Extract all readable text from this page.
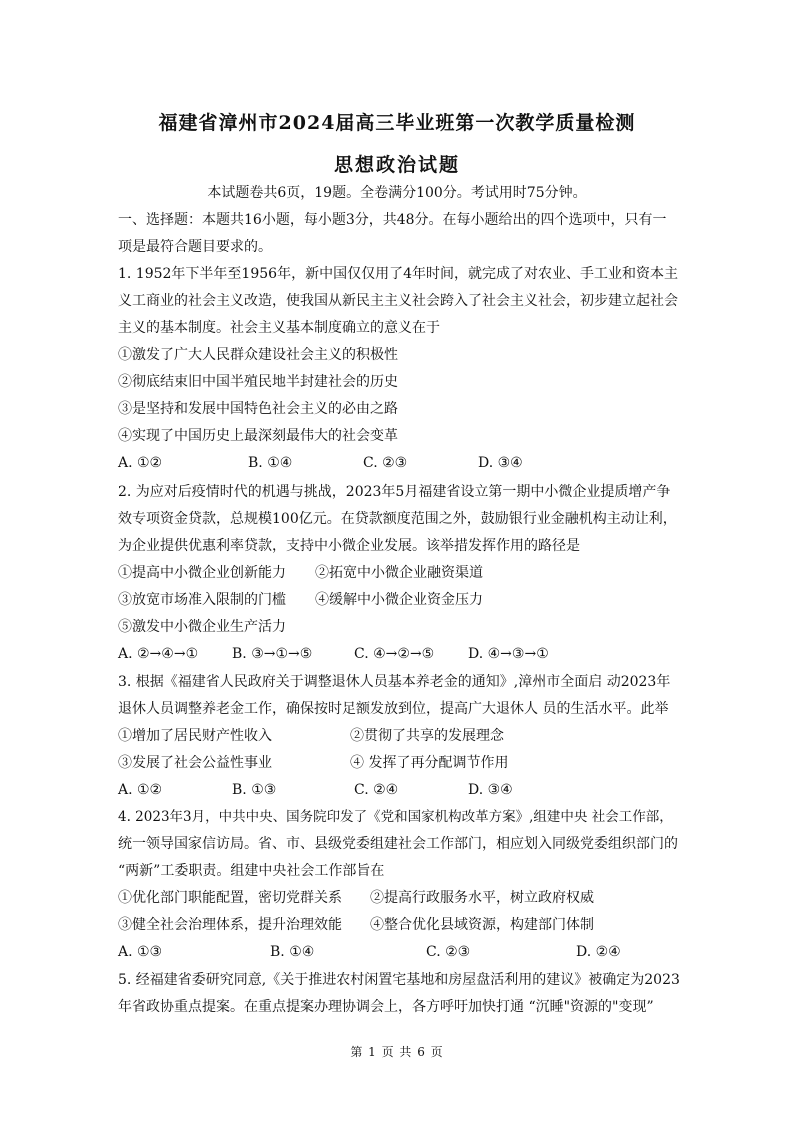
福建省漳州市2024届高三毕业班第一次教学质量检测
思想政治试题
本试题卷共6页，19题。全卷满分100分。考试用时75分钟。
一、选择题：本题共16小题，每小题3分，共48分。在每小题给出的四个选项中，只有一
项是最符合题目要求的。
1. 1952年下半年至1956年，新中国仅仅用了4年时间，就完成了对农业、手工业和资本主
义工商业的社会主义改造，使我国从新民主主义社会跨入了社会主义社会，初步建立起社会
主义的基本制度。社会主义基本制度确立的意义在于
①激发了广大人民群众建设社会主义的积极性
②彻底结束旧中国半殖民地半封建社会的历史
③是坚持和发展中国特色社会主义的必由之路
④实现了中国历史上最深刻最伟大的社会变革
A. ①②	B. ①④	C. ②③	D. ③④
2. 为应对后疫情时代的机遇与挑战，2023年5月福建省设立第一期中小微企业提质增产争
效专项资金贷款，总规模100亿元。在贷款额度范围之外，鼓励银行业金融机构主动让利，
为企业提供优惠利率贷款，支持中小微企业发展。该举措发挥作用的路径是
①提高中小微企业创新能力 ②拓宽中小微企业融资渠道
③放宽市场准入限制的门槛 ④缓解中小微企业资金压力
⑤激发中小微企业生产活力
A. ②→④→① B. ③→①→⑤	C. ④→②→⑤ D. ④→③→①
3. 根据《福建省人民政府关于调整退休人员基本养老金的通知》,漳州市全面启 动2023年
退休人员调整养老金工作，确保按时足额发放到位，提高广大退休人 员的生活水平。此举
①增加了居民财产性收入	②贯彻了共享的发展理念
③发展了社会公益性事业	④ 发挥了再分配调节作用
A. ①②	B. ①③	C. ②④	D. ③④
4. 2023年3月，中共中央、国务院印发了《党和国家机构改革方案》,组建中央 社会工作部，
统一领导国家信访局。省、市、县级党委组建社会工作部门，相应划入同级党委组织部门的
“两新”工委职责。组建中央社会工作部旨在
①优化部门职能配置，密切党群关系 ②提高行政服务水平，树立政府权威
③健全社会治理体系，提升治理效能 ④整合优化县域资源，构建部门体制
A. ①③	B. ①④	C. ②③	D. ②④
5. 经福建省委研究同意,《关于推进农村闲置宅基地和房屋盘活利用的建议》被确定为2023
年省政协重点提案。在重点提案办理协调会上，各方呼吁加快打通 “沉睡"资源的"变现”
第 1 页 共 6 页
